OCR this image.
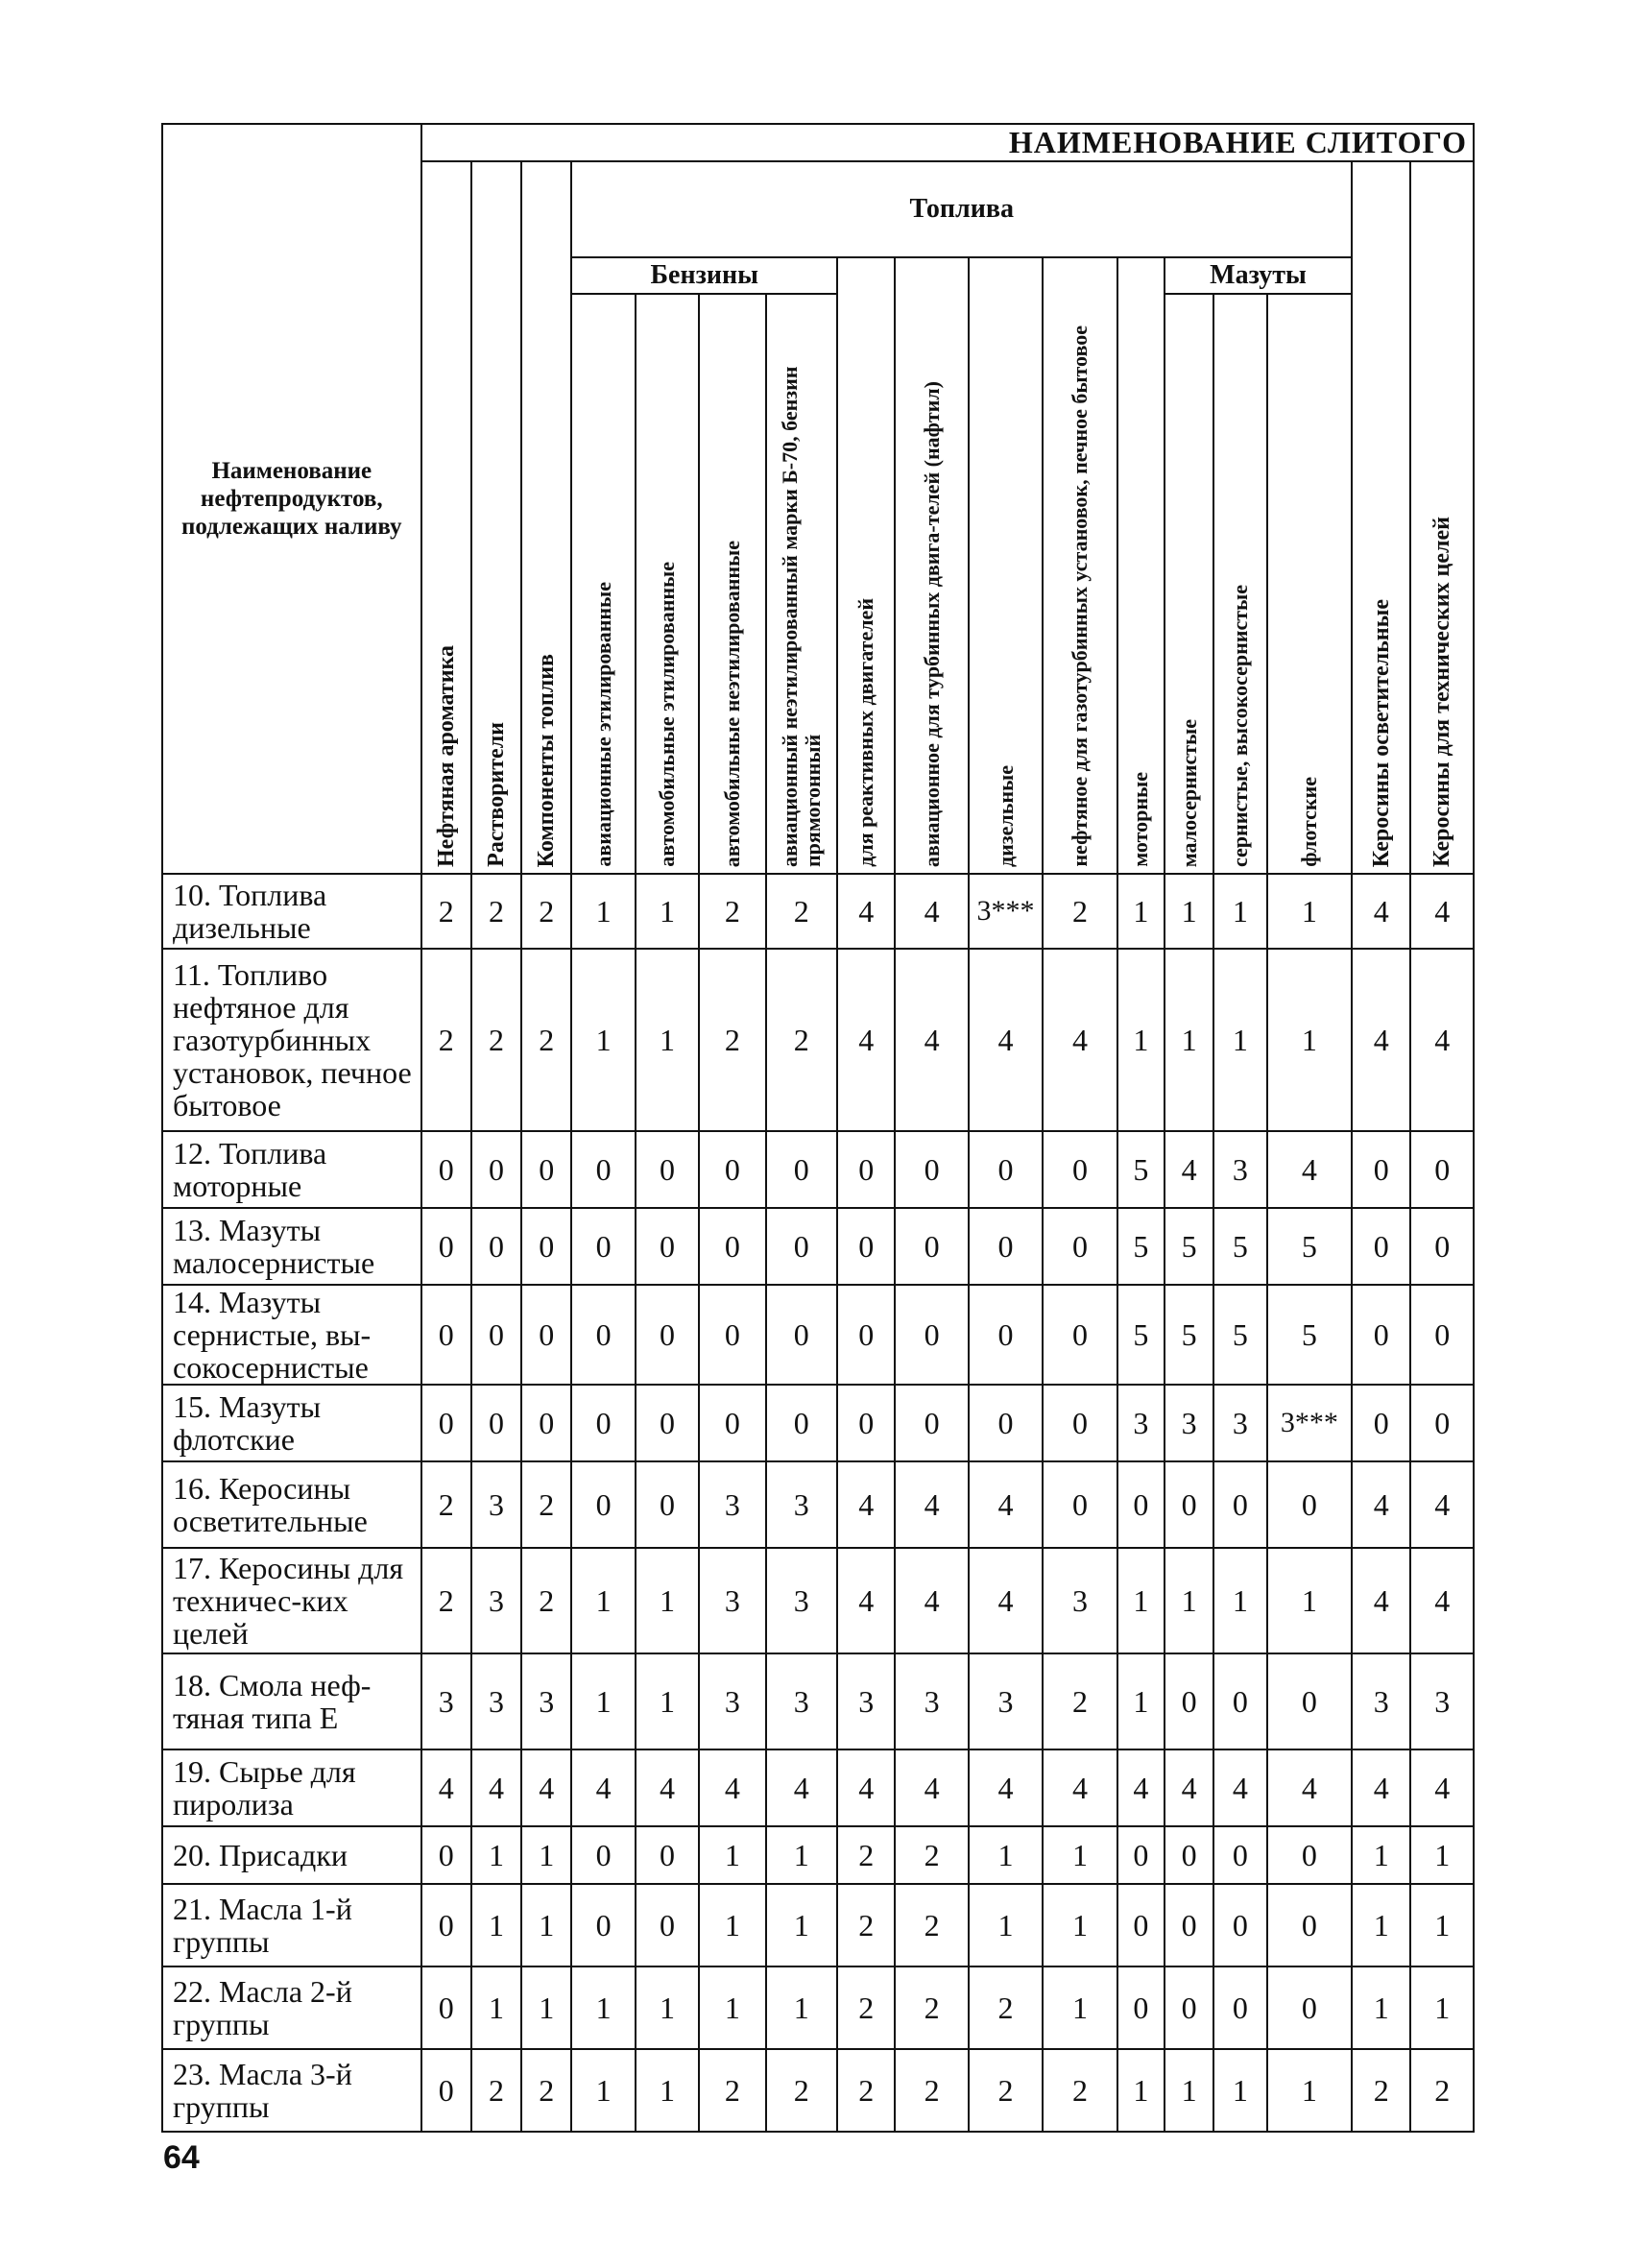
Наименование нефтепродуктов, подлежащих наливу	НАИМЕНОВАНИЕ СЛИТОГО																

	Нефтяная ароматика	Растворители	Компоненты топлив	Топлива												Керосины осветительные	Керосины для технических целей

				Бензины				для реактивных двигателей	авиационное для турбинных двига-телей (нафтил)	дизельные	нефтяное для газотурбинных установок, печное бытовое	моторные	Мазуты				

				авиационные этилированные	автомобильные этилированные	автомобильные неэтилированные	авиационный неэтилированный марки Б-70, бензин прямогонный						малосернистые	сернистые, высокосернистые	флотские		

10. Топлива дизельные	2	2	2	1	1	2	2	4	4	3***	2	1	1	1	1	4	4
11. Топливо нефтяное для газотурбинных установок, печное бытовое	2	2	2	1	1	2	2	4	4	4	4	1	1	1	1	4	4
12. Топлива моторные	0	0	0	0	0	0	0	0	0	0	0	5	4	3	4	0	0
13. Мазуты малосернистые	0	0	0	0	0	0	0	0	0	0	0	5	5	5	5	0	0
14. Мазуты сернистые, вы-сокосернистые	0	0	0	0	0	0	0	0	0	0	0	5	5	5	5	0	0
15. Мазуты флотские	0	0	0	0	0	0	0	0	0	0	0	3	3	3	3***	0	0
16. Керосины осветительные	2	3	2	0	0	3	3	4	4	4	0	0	0	0	0	4	4
17. Керосины для техничес-ких целей	2	3	2	1	1	3	3	4	4	4	3	1	1	1	1	4	4
18. Смола неф-тяная типа Е	3	3	3	1	1	3	3	3	3	3	2	1	0	0	0	3	3
19. Сырье для пиролиза	4	4	4	4	4	4	4	4	4	4	4	4	4	4	4	4	4
20. Присадки	0	1	1	0	0	1	1	2	2	1	1	0	0	0	0	1	1
21. Масла 1-й группы	0	1	1	0	0	1	1	2	2	1	1	0	0	0	0	1	1
22. Масла 2-й группы	0	1	1	1	1	1	1	2	2	2	1	0	0	0	0	1	1
23. Масла 3-й группы	0	2	2	1	1	2	2	2	2	2	2	1	1	1	1	2	2
64
